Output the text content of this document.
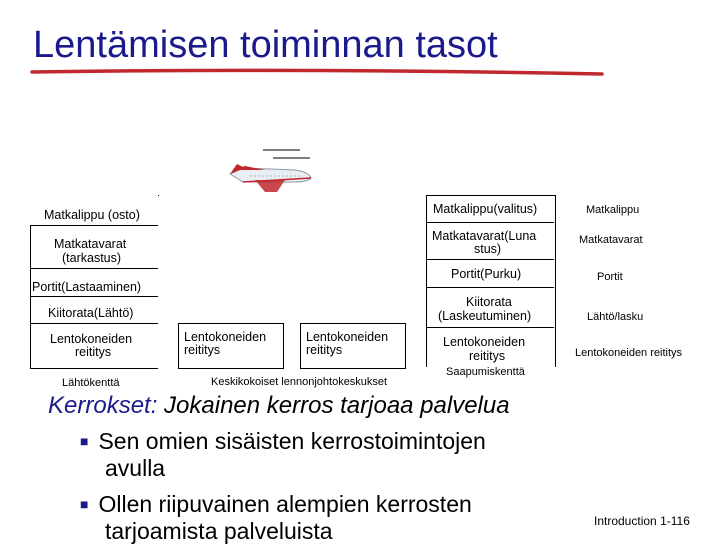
Lentämisen toiminnan tasot
Matkalippu (osto)
Matkatavarat
(tarkastus)
Portit(Lastaaminen)
Kiitorata(Lähtö)
Lentokoneiden
reititys
Lähtökenttä
Lentokoneiden
reititys
Lentokoneiden
reititys
Keskikokoiset lennonjohtokeskukset
Matkalippu(valitus)
Matkatavarat(Luna
stus)
Portit(Purku)
Kiitorata
(Laskeutuminen)
Lentokoneiden
reititys
Saapumiskenttä
Matkalippu
Matkatavarat
Portit
Lähtö/lasku
Lentokoneiden reititys
Kerrokset: Jokainen kerros tarjoaa palvelua
■ Sen omien sisäisten kerrostoimintojen
avulla
■ Ollen riipuvainen alempien kerrosten
tarjoamista palveluista	Introduction 1-116
